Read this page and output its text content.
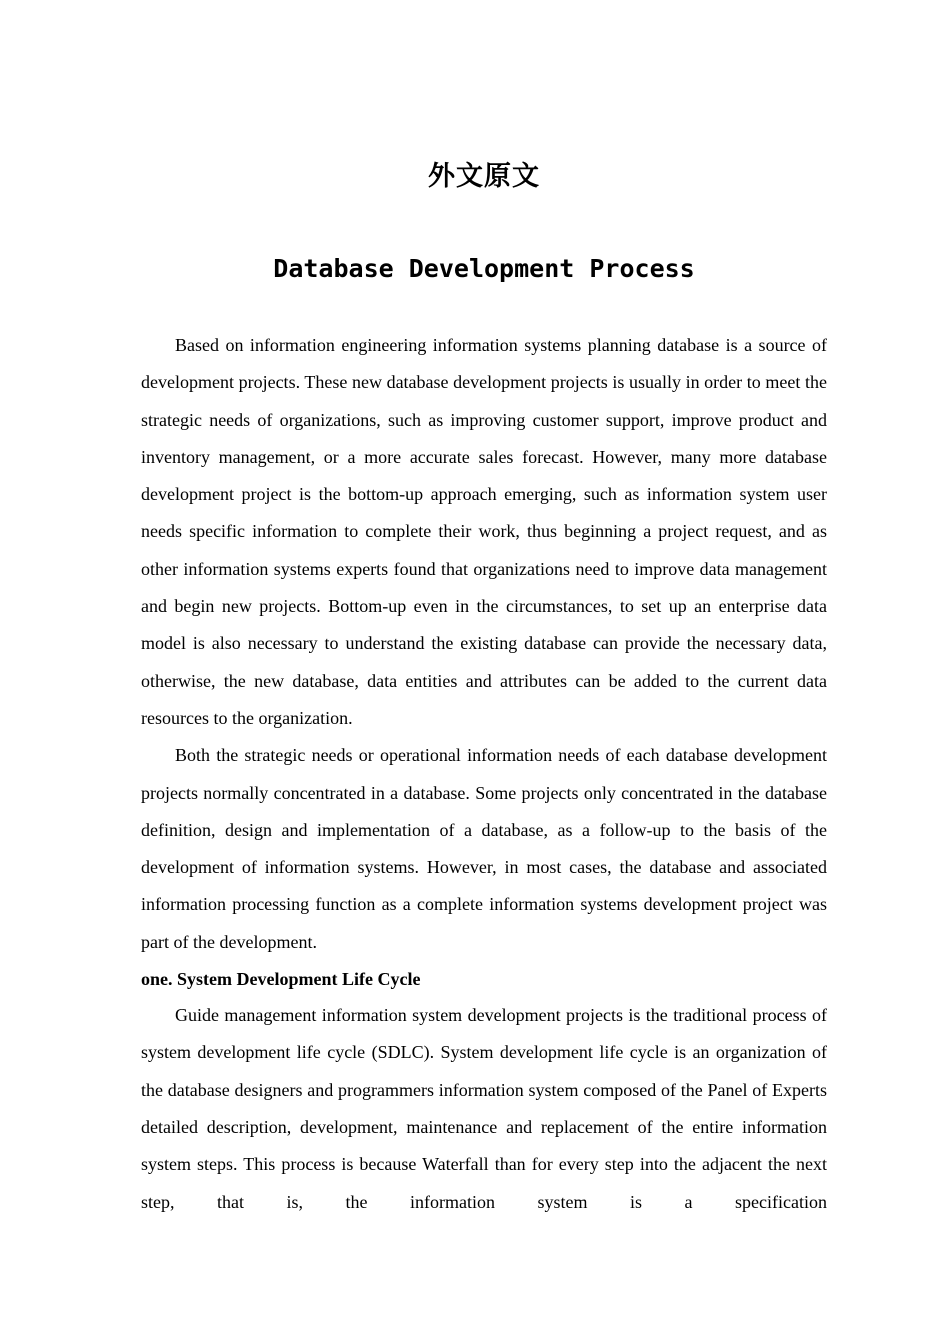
外文原文
Database Development Process

Based on information engineering information systems planning database is a source of development projects. These new database development projects is usually in order to meet the strategic needs of organizations, such as improving customer support, improve product and inventory management, or a more accurate sales forecast. However, many more database development project is the bottom-up approach emerging, such as information system user needs specific information to complete their work, thus beginning a project request, and as other information systems experts found that organizations need to improve data management and begin new projects. Bottom-up even in the circumstances, to set up an enterprise data model is also necessary to understand the existing database can provide the necessary data, otherwise, the new database, data entities and attributes can be added to the current data resources to the organization.

Both the strategic needs or operational information needs of each database development projects normally concentrated in a database. Some projects only concentrated in the database definition, design and implementation of a database, as a follow-up to the basis of the development of information systems. However, in most cases, the database and associated information processing function as a complete information systems development project was part of the development.

one. System Development Life Cycle

Guide management information system development projects is the traditional process of system development life cycle (SDLC). System development life cycle is an organization of the database designers and programmers information system composed of the Panel of Experts detailed description, development, maintenance and replacement of the entire information system steps. This process is because Waterfall than for every step into the adjacent the next step, that is, the information system is a specification
